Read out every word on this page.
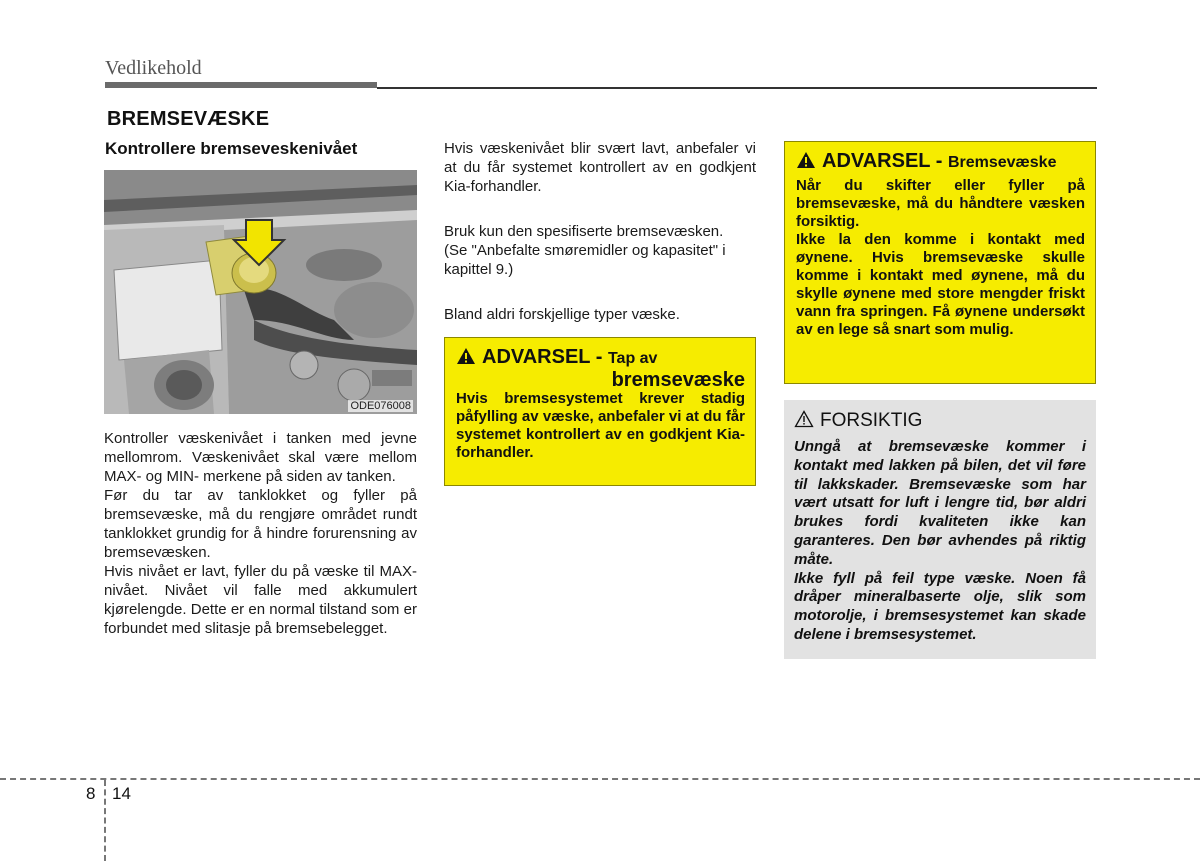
Vedlikehold
BREMSEVÆSKE
Kontrollere bremseveskenivået
ODE076008

Kontroller væskenivået i tanken med jevne mellomrom. Væskenivået skal være mellom MAX- og MIN- merkene på siden av tanken.

Før du tar av tanklokket og fyller på bremsevæske, må du rengjøre området rundt tanklokket grundig for å hindre forurensning av bremsevæsken.

Hvis nivået er lavt, fyller du på væske til MAX-nivået. Nivået vil falle med akkumulert kjørelengde. Dette er en normal tilstand som er forbundet med slitasje på bremsebelegget.

Hvis væskenivået blir svært lavt, anbefaler vi at du får systemet kontrollert av en godkjent Kia-forhandler.
Bruk kun den spesifiserte bremsevæsken.
(Se "Anbefalte smøremidler og kapasitet" i kapittel 9.)
Bland aldri forskjellige typer væske.
ADVARSEL - Tap av
bremsevæske
Hvis bremsesystemet krever stadig påfylling av væske, anbefaler vi at du får systemet kontrollert av en godkjent Kia-forhandler.
ADVARSEL - Bremsevæske
Når du skifter eller fyller på bremsevæske, må du håndtere væsken forsiktig.
Ikke la den komme i kontakt med øynene. Hvis bremsevæske skulle komme i kontakt med øynene, må du skylle øynene med store mengder friskt vann fra springen. Få øynene undersøkt av en lege så snart som mulig.
FORSIKTIG
Unngå at bremsevæske kommer i kontakt med lakken på bilen, det vil føre til lakkskader. Bremsevæske som har vært utsatt for luft i lengre tid, bør aldri brukes fordi kvaliteten ikke kan garanteres. Den bør avhendes på riktig måte.
Ikke fyll på feil type væske. Noen få dråper mineralbaserte olje, slik som motorolje, i bremsesystemet kan skade delene i bremsesystemet.
8 14
